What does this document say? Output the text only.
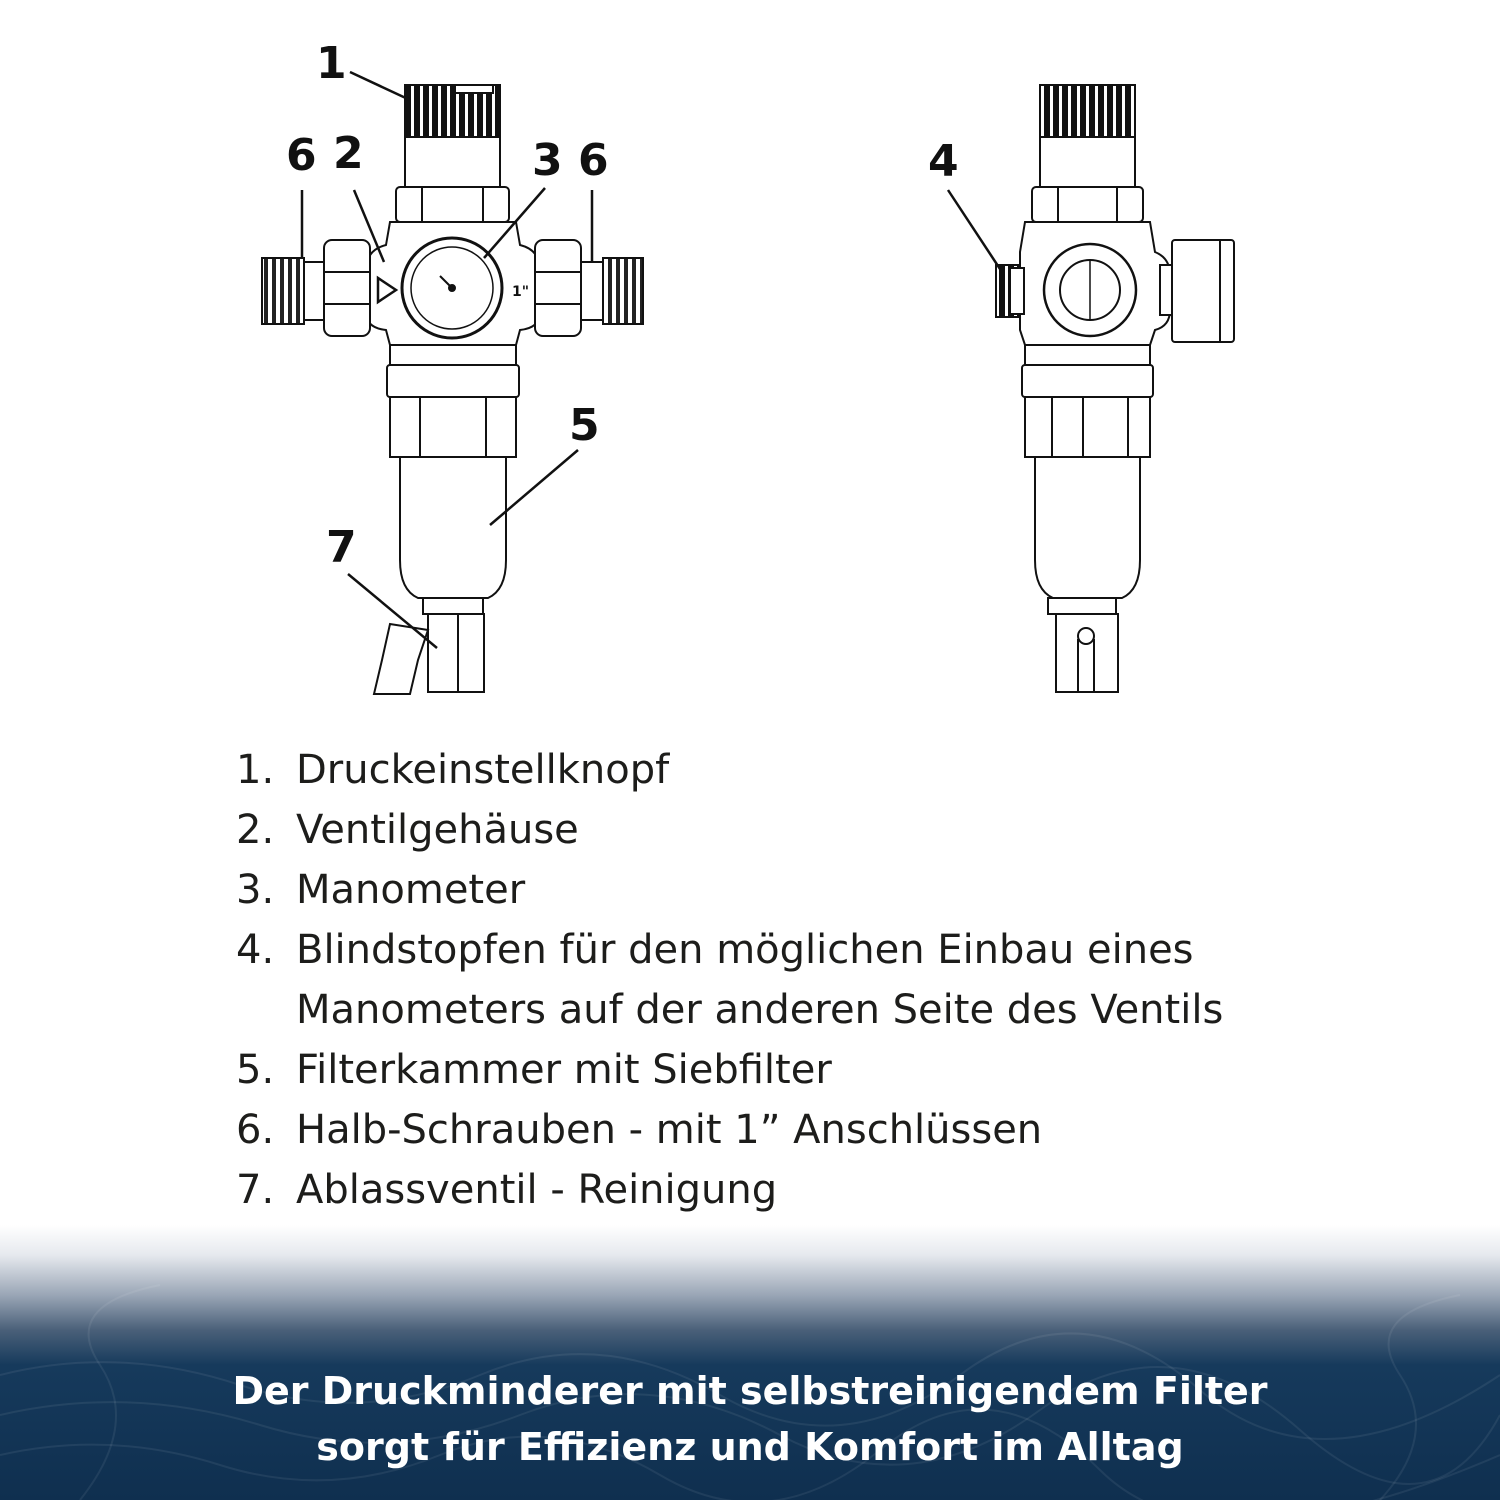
1"
1
6 2	3 6
5
7
4
1. Druckeinstellknopf
2. Ventilgehäuse
3. Manometer
4. Blindstopfen für den möglichen Einbau eines Manometers auf der anderen Seite des Ventils
5. Filterkammer mit Siebfilter
6. Halb-Schrauben - mit 1” Anschlüssen
7. Ablassventil - Reinigung
Der Druckminderer mit selbstreinigendem Filter
sorgt für Effizienz und Komfort im Alltag
